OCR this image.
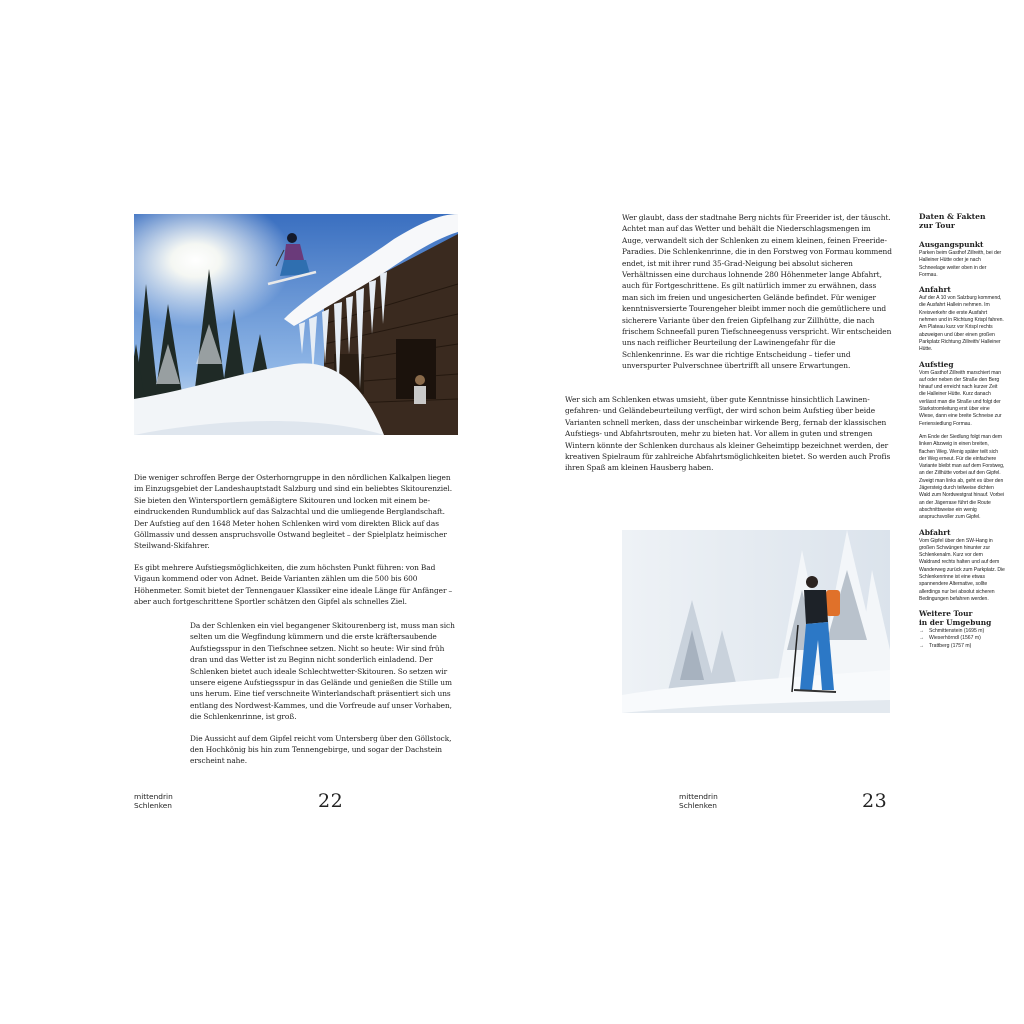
Die weniger schroffen Berge der Osterhorngruppe in den nördlichen Kalkalpen liegen im Einzugsgebiet der Landeshauptstadt Salzburg und sind ein beliebtes Skitourenziel. Sie bieten den Wintersportlern gemäßigtere Skitouren und locken mit einem beeindruckenden Rundumblick auf das Salzachtal und die umliegende Berglandschaft. Der Aufstieg auf den 1648 Meter hohen Schlenken wird vom direkten Blick auf das Göllmassiv und dessen anspruchsvolle Ostwand begleitet – der Spielplatz heimischer Steilwand-Skifahrer.

Es gibt mehrere Aufstiegsmöglichkeiten, die zum höchsten Punkt führen: von Bad Vigaun kommend oder von Adnet. Beide Varianten zählen um die 500 bis 600 Höhenmeter. Somit bietet der Tennengauer Klassiker eine ideale Länge für Anfänger – aber auch fortgeschrittene Sportler schätzen den Gipfel als schnelles Ziel.

Da der Schlenken ein viel begangener Skitourenberg ist, muss man sich selten um die Wegfindung kümmern und die erste kräftersaubende Aufstiegsspur in den Tiefschnee setzen. Nicht so heute: Wir sind früh dran und das Wetter ist zu Beginn nicht sonderlich einladend. Der Schlenken bietet auch ideale Schlechtwetter-Skitouren. So setzen wir unsere eigene Aufstiegsspur in das Gelände und genießen die Stille um uns herum. Eine tief verschneite Winterlandschaft präsentiert sich uns entlang des Nordwest-Kammes, und die Vorfreude auf unser Vorhaben, die Schlenkenrinne, ist groß.

Die Aussicht auf dem Gipfel reicht vom Untersberg über den Göllstock, den Hochkönig bis hin zum Tennengebirge, und sogar der Dachstein erscheint nahe.

mittendrin
Schlenken	22

Wer glaubt, dass der stadtnahe Berg nichts für Freerider ist, der täuscht. Achtet man auf das Wetter und behält die Niederschlagsmengen im Auge, verwandelt sich der Schlenken zu einem kleinen, feinen Freeride-Paradies. Die Schlenkenrinne, die in den Forstweg von Formau kommend endet, ist mit ihrer rund 35-Grad-Neigung bei absolut sicheren Verhältnissen eine durchaus lohnende 280 Höhenmeter lange Abfahrt, auch für Fortgeschrittene. Es gilt natürlich immer zu erwähnen, dass man sich im freien und ungesicherten Gelände befindet. Für weniger kenntnisversierte Tourengeher bleibt immer noch die gemütlichere und sicherere Variante über den freien Gipfelhang zur Zillhütte, die nach frischem Schneefall puren Tiefschneegenuss verspricht. Wir entscheiden uns nach reiflicher Beurteilung der Lawinengefahr für die Schlenkenrinne. Es war die richtige Entscheidung – tiefer und unverspurter Pulverschnee übertrifft all unsere Erwartungen.

Wer sich am Schlenken etwas umsieht, über gute Kenntnisse hinsichtlich Lawinengefahren- und Geländebeurteilung verfügt, der wird schon beim Aufstieg über beide Varianten schnell merken, dass der unscheinbar wirkende Berg, fernab der klassischen Aufstiegs- und Abfahrtsrouten, mehr zu bieten hat. Vor allem in guten und strengen Wintern könnte der Schlenken durchaus als kleiner Geheimtipp bezeichnet werden, der kreativen Spielraum für zahlreiche Abfahrtsmöglichkeiten bietet. So werden auch Profis ihren Spaß am kleinen Hausberg haben.

mittendrin
Schlenken	23
Daten & Fakten
zur Tour
Ausgangspunkt

Parken beim Gasthof Zillreith, bei der Halleiner Hütte oder je nach Schneelage weiter oben in der Formau.

Anfahrt

Auf der A 10 von Salzburg kommend, die Ausfahrt Hallein nehmen. Im Kreisverkehr die erste Ausfahrt nehmen und in Richtung Krispl fahren. Am Plateau kurz vor Krispl rechts abzweigen und über einen großen Parkplatz Richtung Zillreith/ Halleiner Hütte.

Aufstieg

Vom Gasthof Zillreith marschiert man auf oder neben der Straße den Berg hinauf und erreicht nach kurzer Zeit die Halleiner Hütte. Kurz danach verlässt man die Straße und folgt der Starkstromleitung erst über eine Wiese, dann eine breite Schneise zur Feriensiedlung Formau.

Am Ende der Siedlung folgt man dem linken Abzweig in einen breiten, flachen Weg. Wenig später teilt sich der Weg erneut. Für die einfachere Variante bleibt man auf dem Forstweg, an der Zillhütte vorbei auf den Gipfel. Zweigt man links ab, geht es über den Jägersteig durch teilweise dichten Wald zum Nordwestgrat hinauf. Vorbei an der Jägerrase führt die Route abschnittsweise ein wenig anspruchsvoller zum Gipfel.

Abfahrt

Vom Gipfel über den SW-Hang in großen Schwüngen hinunter zur Schlenkenalm. Kurz vor dem Waldrand rechts halten und auf dem Wanderweg zurück zum Parkplatz. Die Schlenkenrinne ist eine etwas spannendere Alternative, sollte allerdings nur bei absolut sicheren Bedingungen befahren werden.

Weitere Tour
in der Umgebung
→ Schmittenstein (1695 m)
→ Wieserhörndl (1567 m)
→ Trattberg (1757 m)
